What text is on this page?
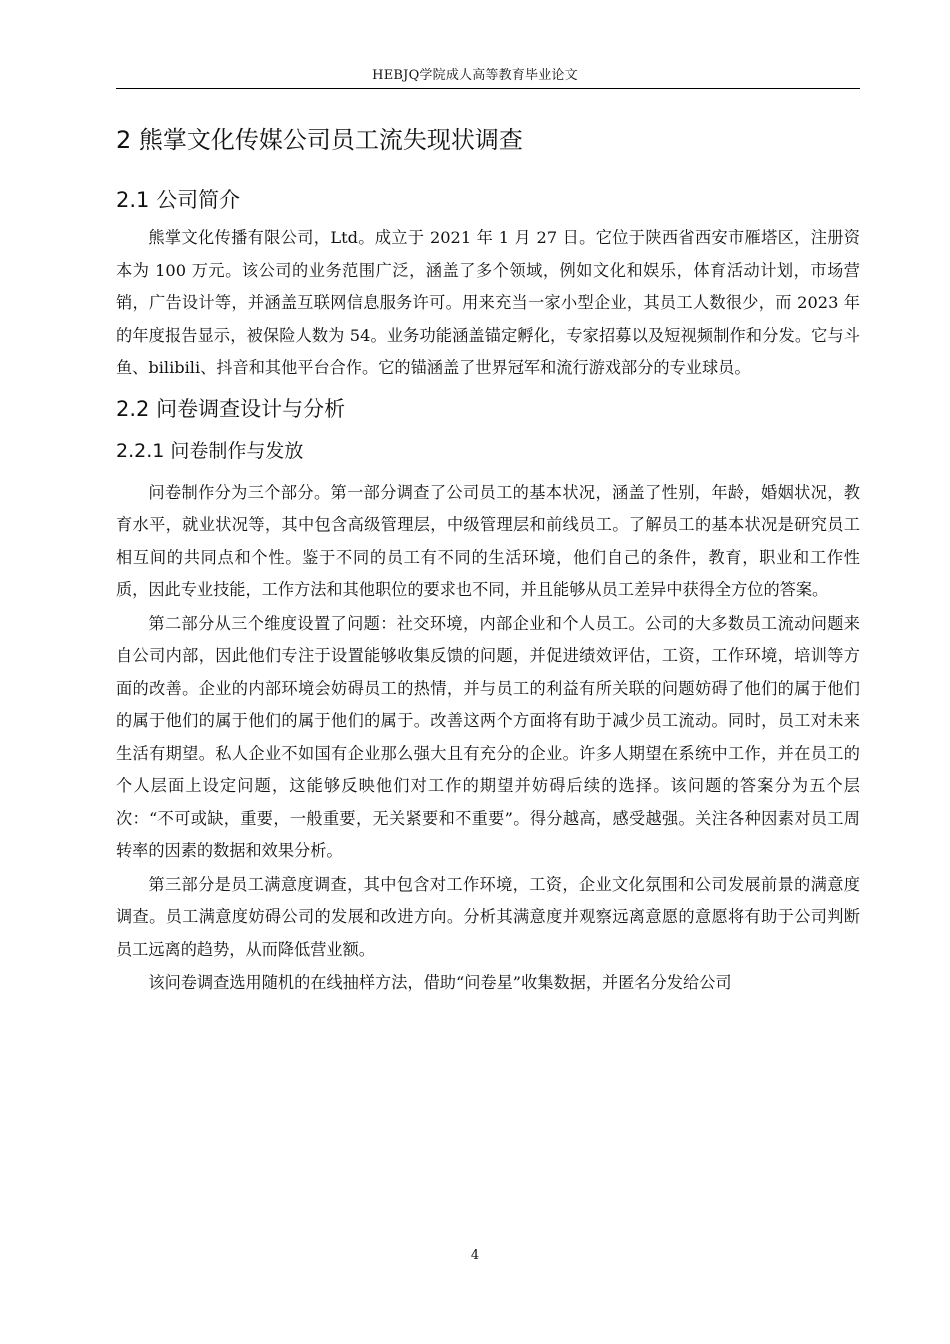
HEBJQ学院成人高等教育毕业论文
2 熊掌文化传媒公司员工流失现状调查
2.1 公司简介

熊掌文化传播有限公司，Ltd。成立于 2021 年 1 月 27 日。它位于陕西省西安市雁塔区，注册资本为 100 万元。该公司的业务范围广泛，涵盖了多个领域，例如文化和娱乐，体育活动计划，市场营销，广告设计等，并涵盖互联网信息服务许可。用来充当一家小型企业，其员工人数很少，而 2023 年的年度报告显示，被保险人数为 54。业务功能涵盖锚定孵化，专家招募以及短视频制作和分发。它与斗鱼、bilibili、抖音和其他平台合作。它的锚涵盖了世界冠军和流行游戏部分的专业球员。

2.2 问卷调查设计与分析
2.2.1 问卷制作与发放

问卷制作分为三个部分。第一部分调查了公司员工的基本状况，涵盖了性别，年龄，婚姻状况，教育水平，就业状况等，其中包含高级管理层，中级管理层和前线员工。了解员工的基本状况是研究员工相互间的共同点和个性。鉴于不同的员工有不同的生活环境，他们自己的条件，教育，职业和工作性质，因此专业技能，工作方法和其他职位的要求也不同，并且能够从员工差异中获得全方位的答案。

第二部分从三个维度设置了问题：社交环境，内部企业和个人员工。公司的大多数员工流动问题来自公司内部，因此他们专注于设置能够收集反馈的问题，并促进绩效评估，工资，工作环境，培训等方面的改善。企业的内部环境会妨碍员工的热情，并与员工的利益有所关联的问题妨碍了他们的属于他们的属于他们的属于他们的属于他们的属于。改善这两个方面将有助于减少员工流动。同时，员工对未来生活有期望。私人企业不如国有企业那么强大且有充分的企业。许多人期望在系统中工作，并在员工的个人层面上设定问题，这能够反映他们对工作的期望并妨碍后续的选择。该问题的答案分为五个层次：“不可或缺，重要，一般重要，无关紧要和不重要”。得分越高，感受越强。关注各种因素对员工周转率的因素的数据和效果分析。

第三部分是员工满意度调查，其中包含对工作环境，工资，企业文化氛围和公司发展前景的满意度调查。员工满意度妨碍公司的发展和改进方向。分析其满意度并观察远离意愿的意愿将有助于公司判断员工远离的趋势，从而降低营业额。

该问卷调查选用随机的在线抽样方法，借助“问卷星”收集数据，并匿名分发给公司

4
